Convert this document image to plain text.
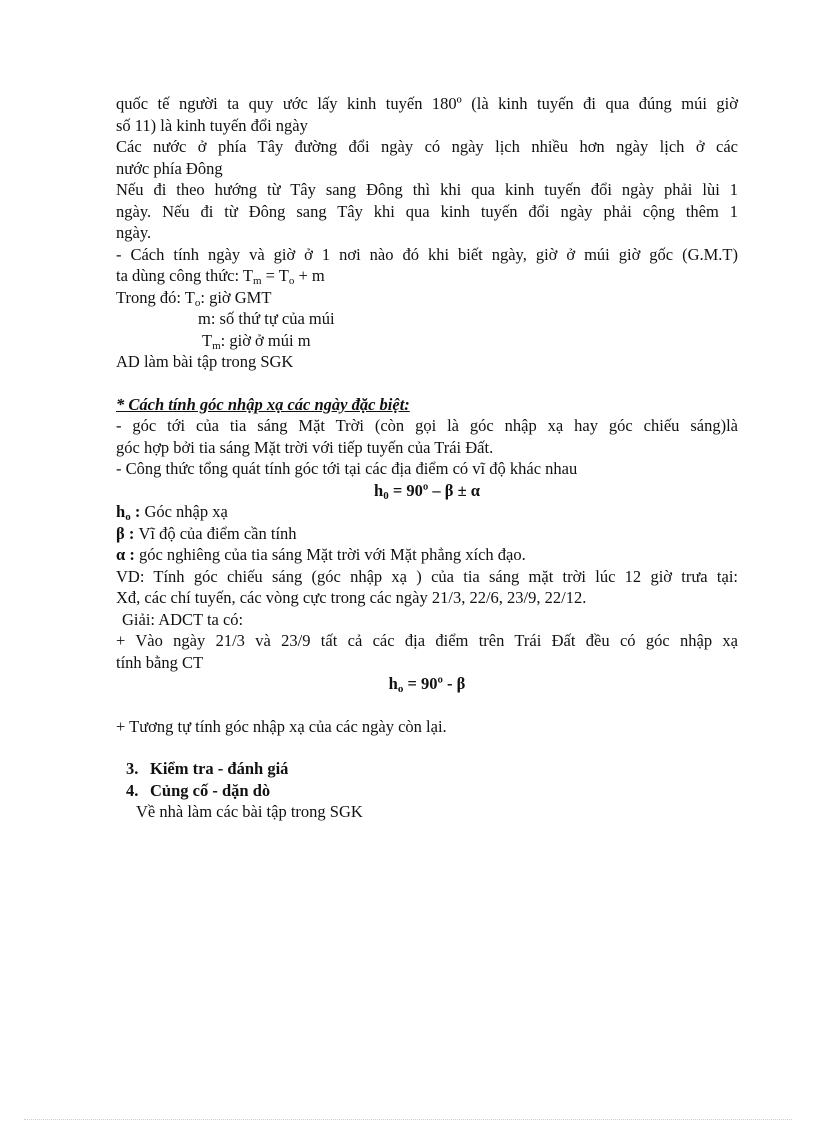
quốc tế người ta quy ước lấy kinh tuyến 180º (là kinh tuyến đi qua đúng múi giờ
số 11) là kinh tuyến đổi ngày
Các nước ở phía Tây đường đổi ngày có ngày lịch nhiều hơn ngày lịch ở các
nước phía Đông
Nếu đi theo hướng từ Tây sang Đông thì khi qua kinh tuyến đổi ngày phải lùi 1
ngày. Nếu đi từ Đông sang Tây khi qua kinh tuyến đổi ngày phải cộng thêm 1
ngày.
- Cách tính ngày và giờ ở 1 nơi nào đó khi biết ngày, giờ ở múi giờ gốc (G.M.T)
ta dùng công thức: $T_m = T_o + m$
Trong đó: $T_o$: giờ GMT
m: số thứ tự của múi
$T_m$: giờ ở múi m
AD làm bài tập trong SGK
* Cách tính góc nhập xạ các ngày đặc biệt:
- góc tới của tia sáng Mặt Trời (còn gọi là góc nhập xạ hay góc chiếu sáng)là
góc hợp bởi tia sáng Mặt trời với tiếp tuyến của Trái Đất.
- Công thức tổng quát tính góc tới tại các địa điểm có vĩ độ khác nhau
$h_0$ = 90º – β ± α
$h_o$ : Góc nhập xạ
β : Vĩ độ của điểm cần tính
α : góc nghiêng của tia sáng Mặt trời với Mặt phẳng xích đạo.
VD: Tính góc chiếu sáng (góc nhập xạ ) của tia sáng mặt trời lúc 12 giờ trưa tại:
Xđ, các chí tuyến, các vòng cực trong các ngày 21/3, 22/6, 23/9, 22/12.
Giải: ADCT ta có:
+ Vào ngày 21/3 và 23/9 tất cả các địa điểm trên Trái Đất đều có góc nhập xạ
tính bằng CT
$h_o$ = 90º - β
+ Tương tự tính góc nhập xạ của các ngày còn lại.
3. Kiểm tra - đánh giá
4. Củng cố - dặn dò
Về nhà làm các bài tập trong SGK
